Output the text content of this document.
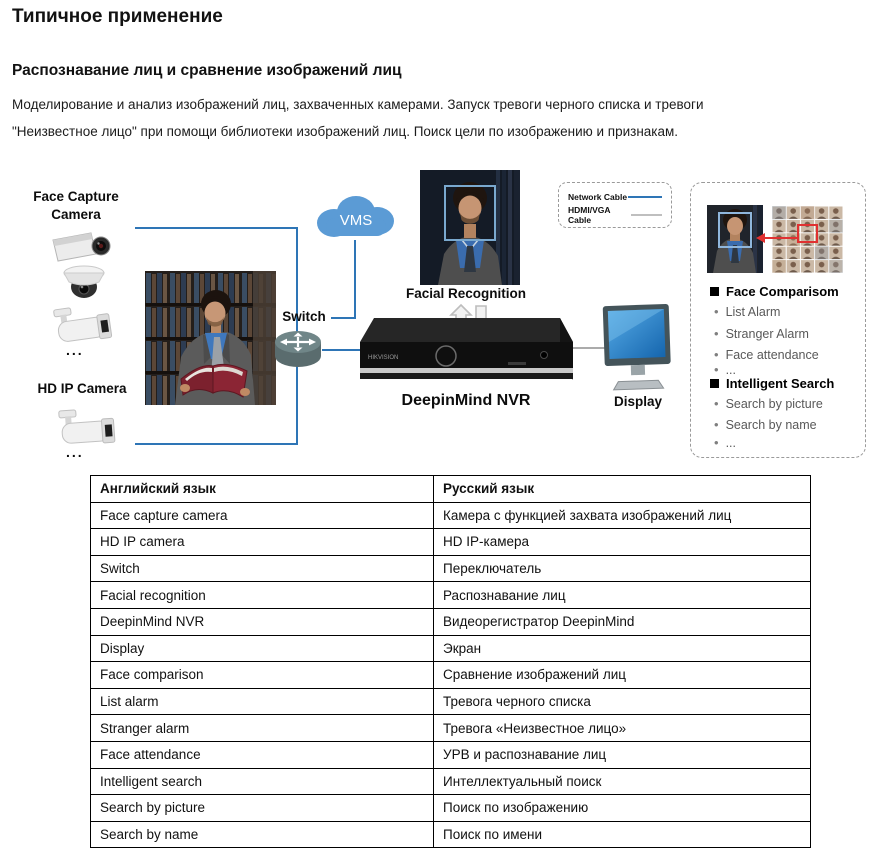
Типичное применение
Распознавание лиц и сравнение изображений лиц
Моделирование и анализ изображений лиц, захваченных камерами. Запуск тревоги черного списка и тревоги
"Неизвестное лицо" при помощи библиотеки изображений лиц. Поиск цели по изображению и признакам.
Face Capture Camera
...
HD IP Camera
...
VMS
Switch
Facial Recognition
HIKVISION
DeepinMind NVR	Display
Network Cable
HDMI/VGA Cable
Face Comparisom
• List Alarm
• Stranger Alarm
• Face attendance
• ...
Intelligent Search
• Search by picture
• Search by name
• ...
Английский язык	Русский язык
Face capture camera	Камера с функцией захвата изображений лиц
HD IP camera	HD IP-камера
Switch	Переключатель
Facial recognition	Распознавание лиц
DeepinMind NVR	Видеорегистратор DeepinMind
Display	Экран
Face comparison	Сравнение изображений лиц
List alarm	Тревога черного списка
Stranger alarm	Тревога «Неизвестное лицо»
Face attendance	УРВ и распознавание лиц
Intelligent search	Интеллектуальный поиск
Search by picture	Поиск по изображению
Search by name	Поиск по имени
